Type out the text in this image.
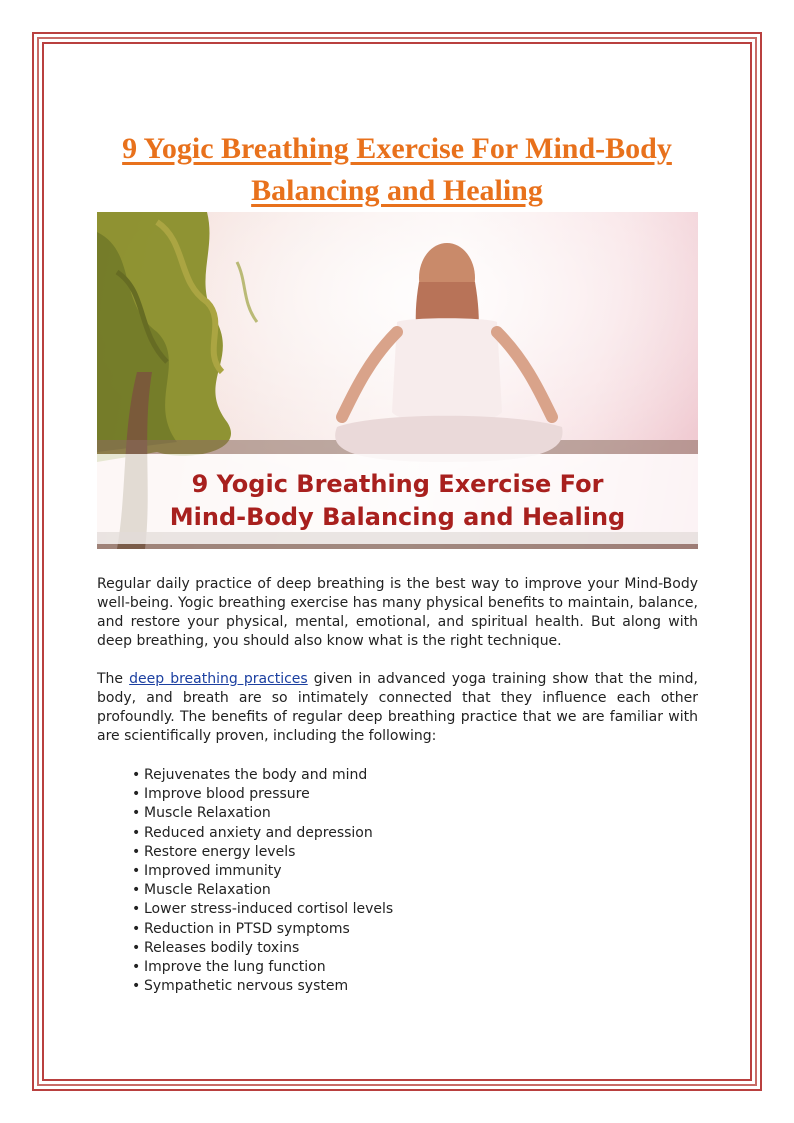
9 Yogic Breathing Exercise For Mind-Body Balancing and Healing
9 Yogic Breathing Exercise For
Mind-Body Balancing and Healing

Regular daily practice of deep breathing is the best way to improve your Mind-Body well-being. Yogic breathing exercise has many physical benefits to maintain, balance, and restore your physical, mental, emotional, and spiritual health. But along with deep breathing, you should also know what is the right technique.

The deep breathing practices given in advanced yoga training show that the mind, body, and breath are so intimately connected that they influence each other profoundly. The benefits of regular deep breathing practice that we are familiar with are scientifically proven, including the following:

• Rejuvenates the body and mind
• Improve blood pressure
• Muscle Relaxation
• Reduced anxiety and depression
• Restore energy levels
• Improved immunity
• Muscle Relaxation
• Lower stress-induced cortisol levels
• Reduction in PTSD symptoms
• Releases bodily toxins
• Improve the lung function
• Sympathetic nervous system
